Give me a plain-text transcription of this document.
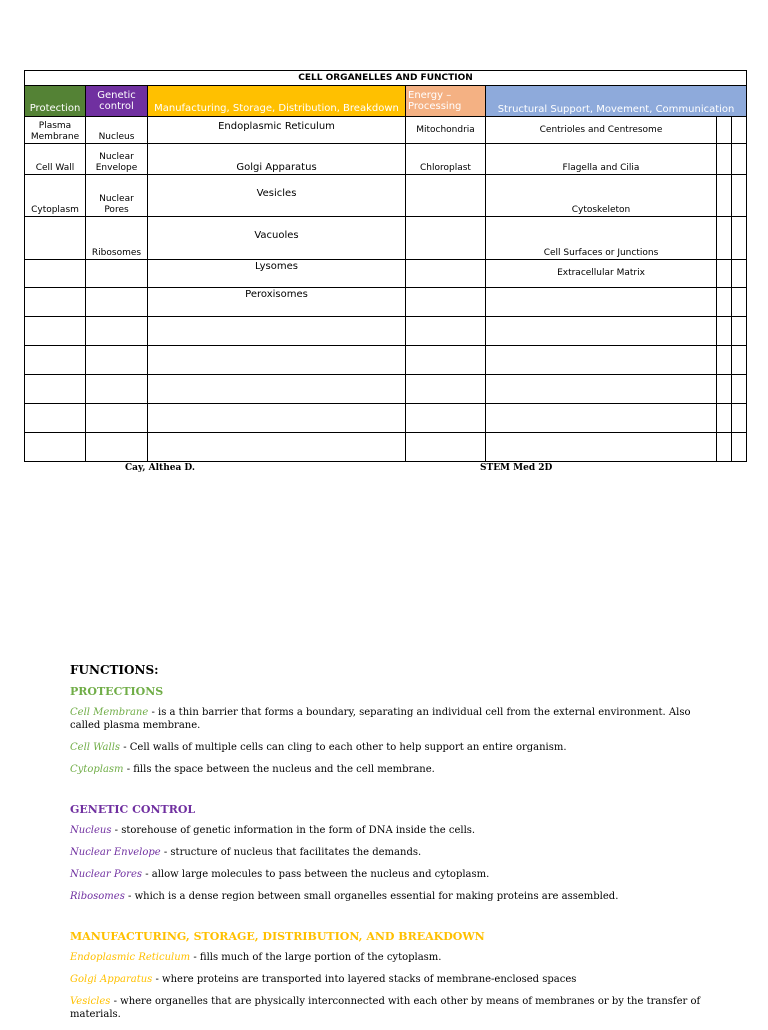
CELL ORGANELLES AND FUNCTION						
Protection	Genetic control	Manufacturing, Storage, Distribution, Breakdown	Energy – Processing	Structural Support, Movement, Communication		
Plasma Membrane	Nucleus	Endoplasmic Reticulum	Mitochondria	Centrioles and Centresome		
Cell Wall	Nuclear Envelope	Golgi Apparatus	Chloroplast	Flagella and Cilia		
Cytoplasm	Nuclear Pores	Vesicles		Cytoskeleton		
	Ribosomes	Vacuoles		Cell Surfaces or Junctions		
		Lysomes		Extracellular Matrix		
		Peroxisomes				

Cay, Althea D.	STEM Med 2D
FUNCTIONS:
PROTECTIONS
Cell Membrane - is a thin barrier that forms a boundary, separating an individual cell from the external environment. Also called plasma membrane.
Cell Walls - Cell walls of multiple cells can cling to each other to help support an entire organism.
Cytoplasm - fills the space between the nucleus and the cell membrane.
GENETIC CONTROL
Nucleus - storehouse of genetic information in the form of DNA inside the cells.
Nuclear Envelope - structure of nucleus that facilitates the demands.
Nuclear Pores - allow large molecules to pass between the nucleus and cytoplasm.
Ribosomes - which is a dense region between small organelles essential for making proteins are assembled.
MANUFACTURING, STORAGE, DISTRIBUTION, AND BREAKDOWN
Endoplasmic Reticulum - fills much of the large portion of the cytoplasm.
Golgi Apparatus - where proteins are transported into layered stacks of membrane-enclosed spaces
Vesicles - where organelles that are physically interconnected with each other by means of membranes or by the transfer of materials.
